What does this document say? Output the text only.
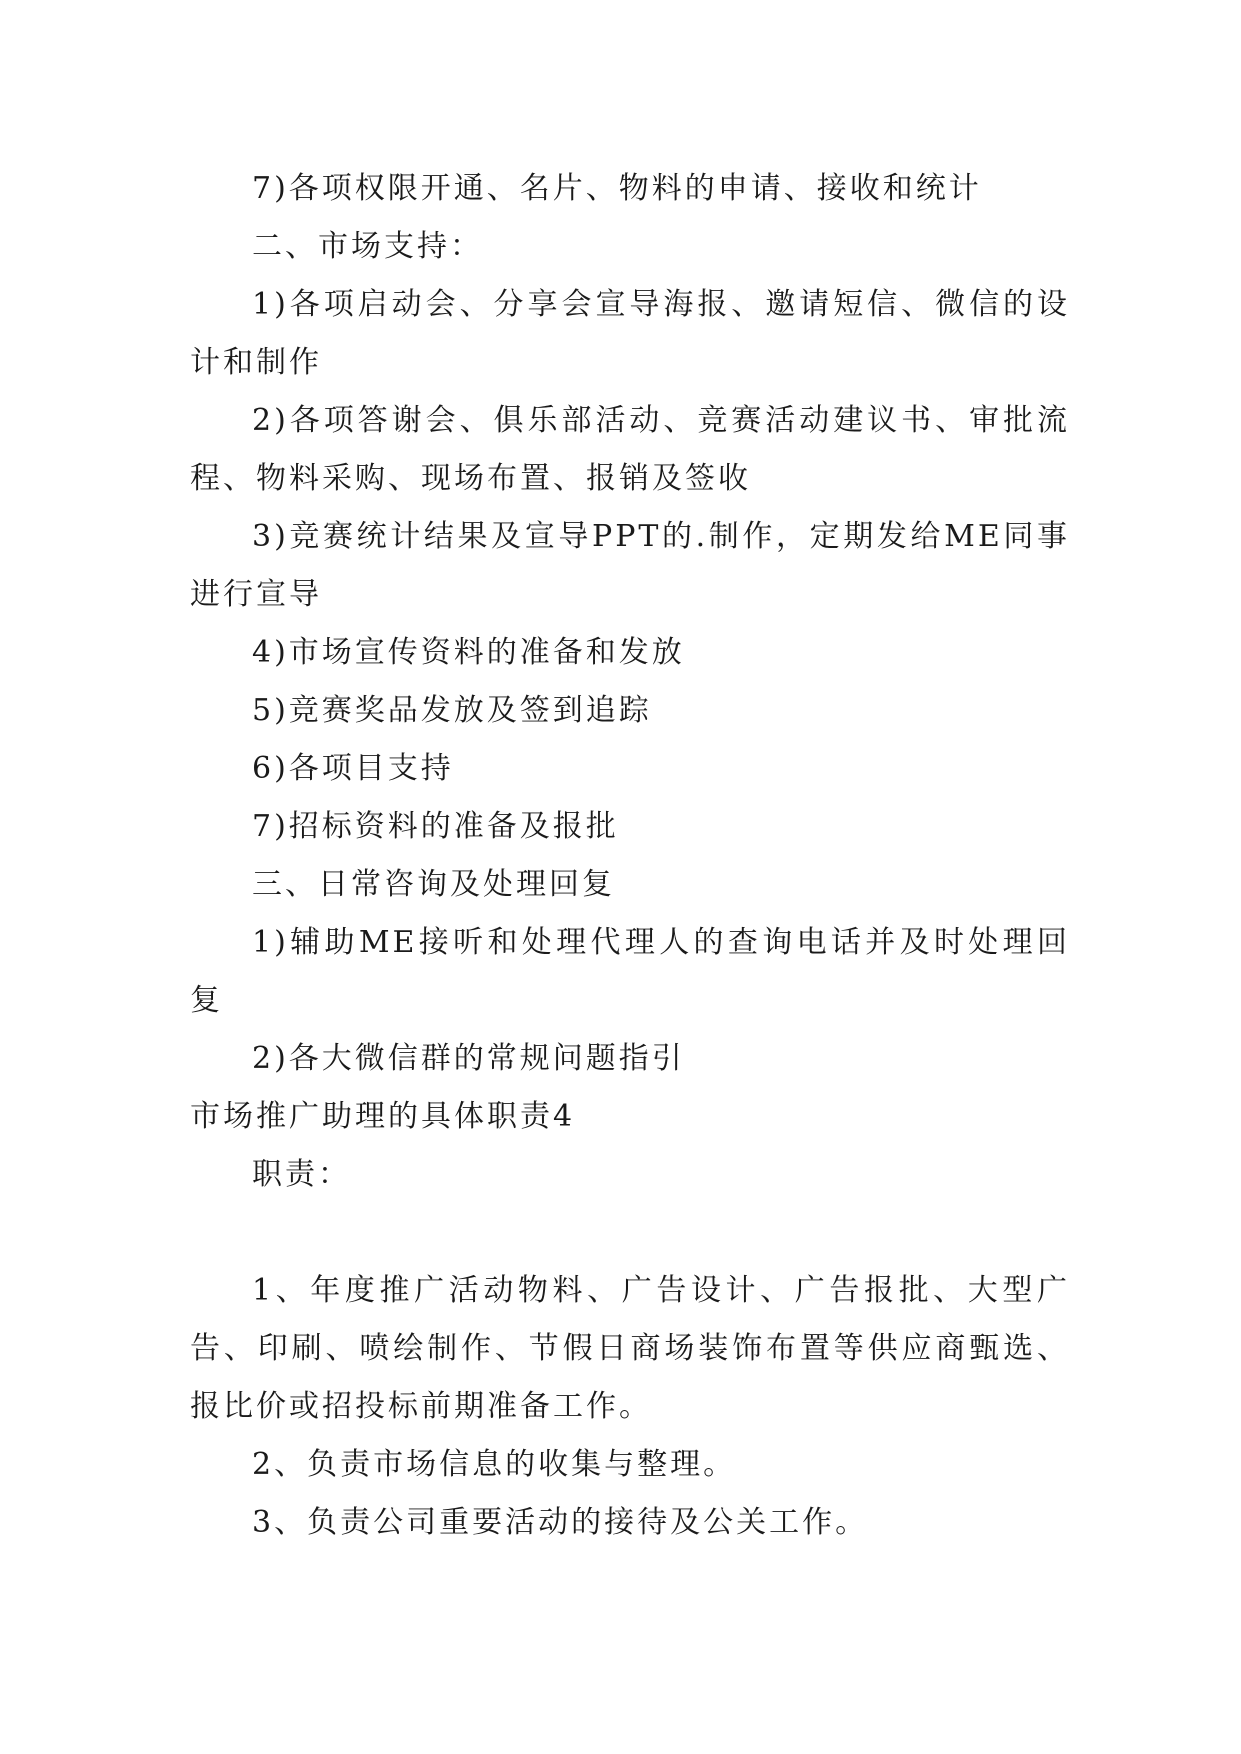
7)各项权限开通、名片、物料的申请、接收和统计

二、市场支持：

1)各项启动会、分享会宣导海报、邀请短信、微信的设计和制作

2)各项答谢会、俱乐部活动、竞赛活动建议书、审批流程、物料采购、现场布置、报销及签收

3)竞赛统计结果及宣导PPT的.制作，定期发给ME同事进行宣导

4)市场宣传资料的准备和发放

5)竞赛奖品发放及签到追踪

6)各项目支持

7)招标资料的准备及报批

三、日常咨询及处理回复

1)辅助ME接听和处理代理人的查询电话并及时处理回复

2)各大微信群的常规问题指引

市场推广助理的具体职责4

职责：

1、年度推广活动物料、广告设计、广告报批、大型广告、印刷、喷绘制作、节假日商场装饰布置等供应商甄选、报比价或招投标前期准备工作。

2、负责市场信息的收集与整理。

3、负责公司重要活动的接待及公关工作。
